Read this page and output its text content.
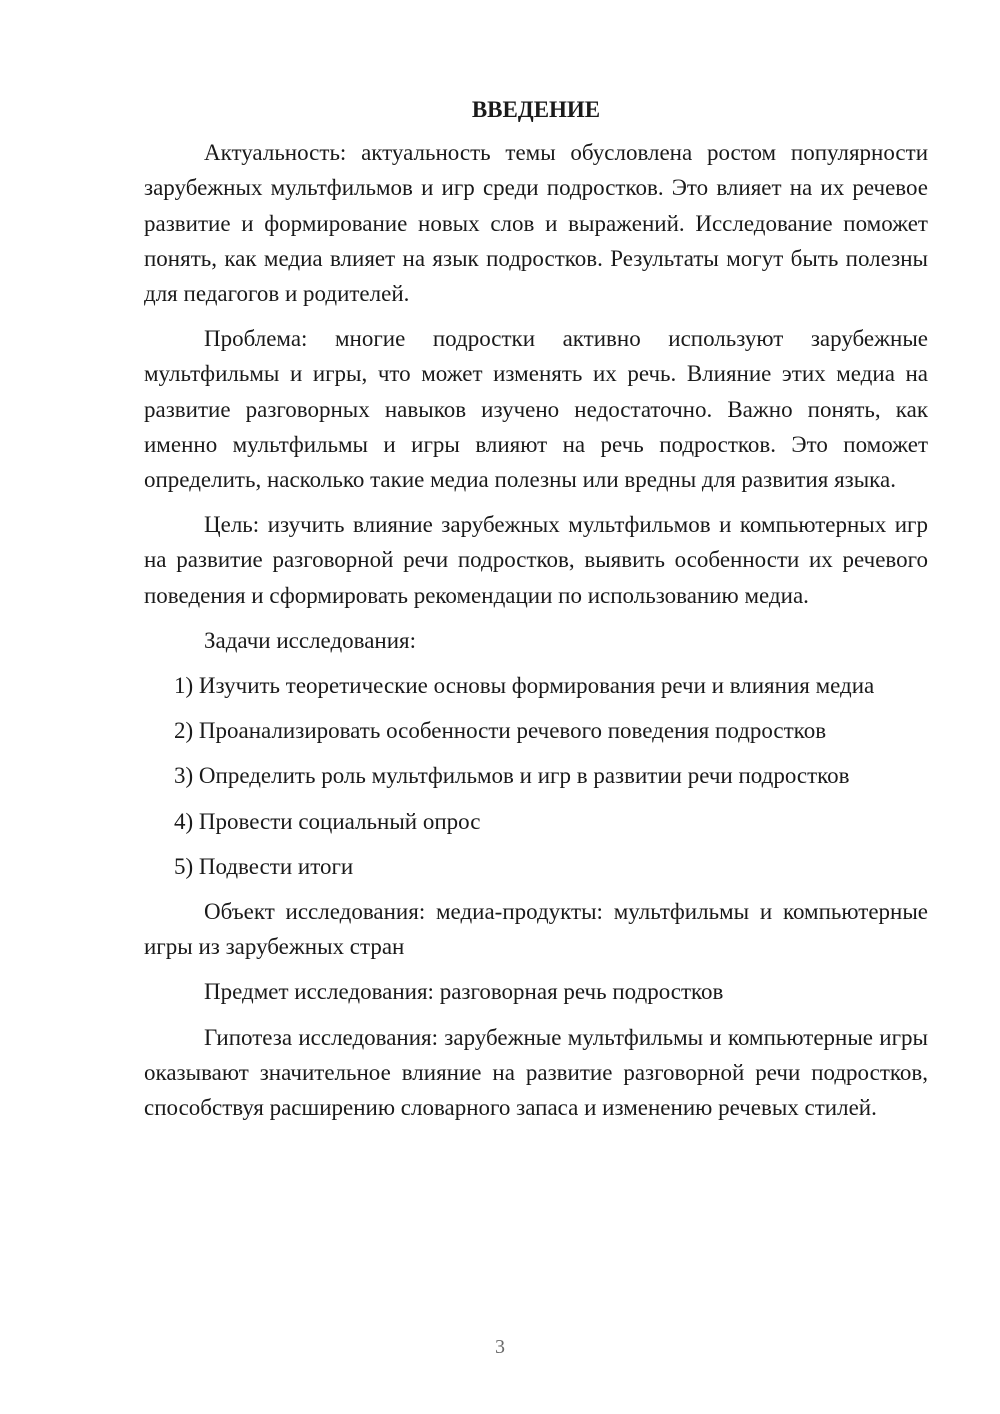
ВВЕДЕНИЕ

Актуальность: актуальность темы обусловлена ростом популярности зарубежных мультфильмов и игр среди подростков. Это влияет на их речевое развитие и формирование новых слов и выражений. Исследование поможет понять, как медиа влияет на язык подростков. Результаты могут быть полезны для педагогов и родителей.

Проблема: многие подростки активно используют зарубежные мультфильмы и игры, что может изменять их речь. Влияние этих медиа на развитие разговорных навыков изучено недостаточно. Важно понять, как именно мультфильмы и игры влияют на речь подростков. Это поможет определить, насколько такие медиа полезны или вредны для развития языка.

Цель: изучить влияние зарубежных мультфильмов и компьютерных игр на развитие разговорной речи подростков, выявить особенности их речевого поведения и сформировать рекомендации по использованию медиа.

Задачи исследования:

1) Изучить теоретические основы формирования речи и влияния медиа

2) Проанализировать особенности речевого поведения подростков

3) Определить роль мультфильмов и игр в развитии речи подростков

4) Провести социальный опрос

5) Подвести итоги

Объект исследования: медиа-продукты: мультфильмы и компьютерные игры из зарубежных стран

Предмет исследования: разговорная речь подростков

Гипотеза исследования: зарубежные мультфильмы и компьютерные игры оказывают значительное влияние на развитие разговорной речи подростков, способствуя расширению словарного запаса и изменению речевых стилей.

3
